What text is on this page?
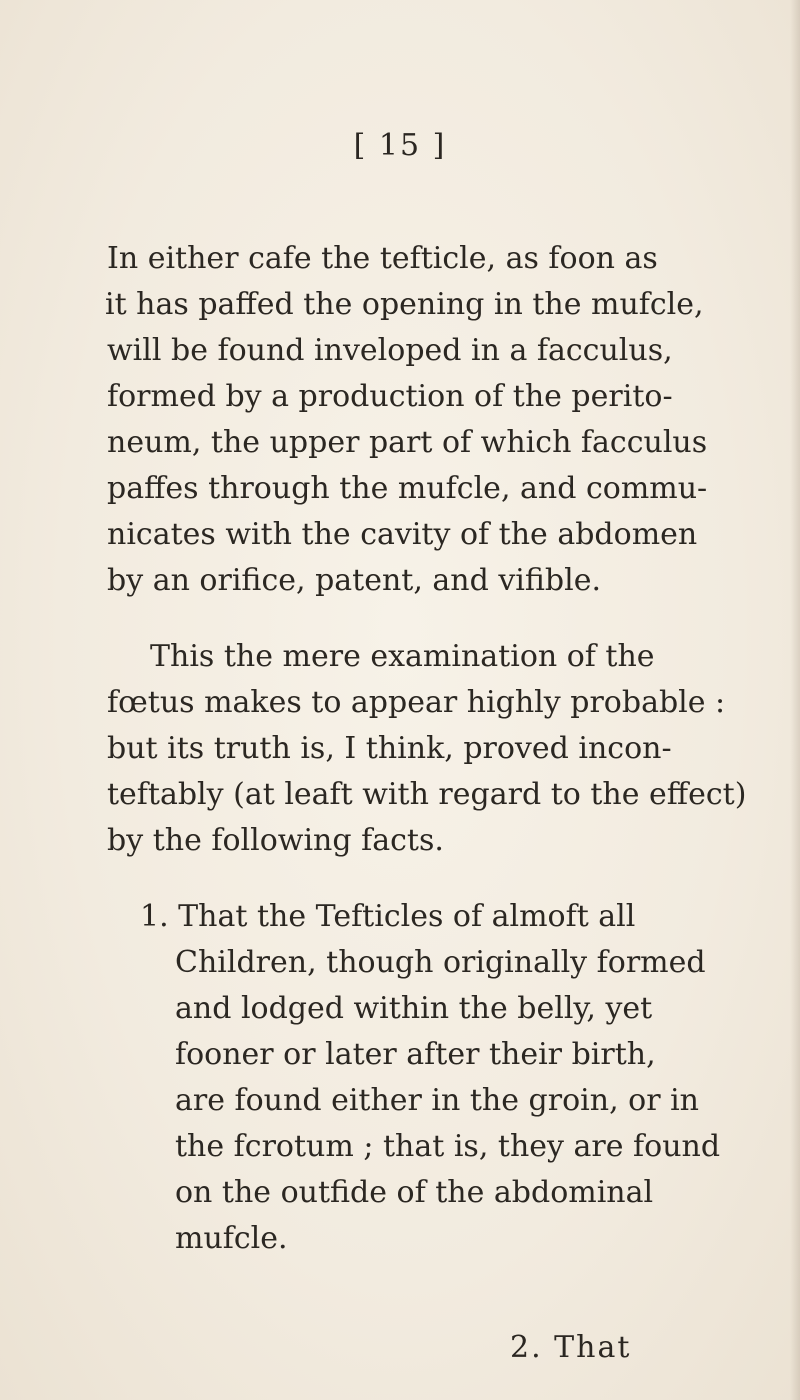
[ 15 ]
In either cafe the tefticle, as foon as
it has paffed the opening in the mufcle,
will be found inveloped in a facculus,
formed by a production of the perito-
neum, the upper part of which facculus
paffes through the mufcle, and commu-
nicates with the cavity of the abdomen
by an orifice, patent, and vifible.
This the mere examination of the
fœtus makes to appear highly probable :
but its truth is, I think, proved incon-
teftably (at leaft with regard to the effect)
by the following facts.
1. That the Tefticles of almoft all
Children, though originally formed
and lodged within the belly, yet
fooner or later after their birth,
are found either in the groin, or in
the fcrotum ; that is, they are found
on the outfide of the abdominal
mufcle.
2. That
